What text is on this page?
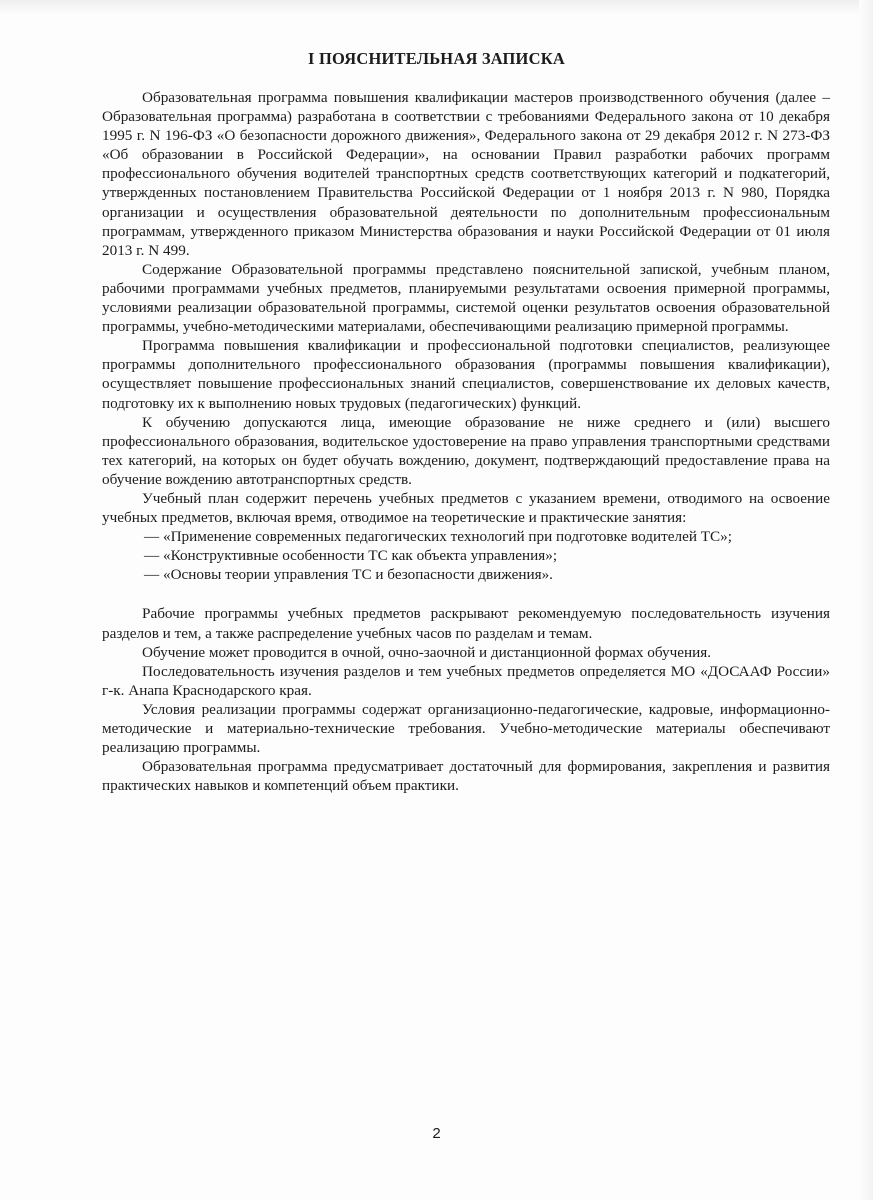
I ПОЯСНИТЕЛЬНАЯ ЗАПИСКА

Образовательная программа повышения квалификации мастеров производственного обучения (далее – Образовательная программа) разработана в соответствии с требованиями Федерального закона от 10 декабря 1995 г. N 196-ФЗ «О безопасности дорожного движения», Федерального закона от 29 декабря 2012 г. N 273-ФЗ «Об образовании в Российской Федерации», на основании Правил разработки рабочих программ профессионального обучения водителей транспортных средств соответствующих категорий и подкатегорий, утвержденных постановлением Правительства Российской Федерации от 1 ноября 2013 г. N 980, Порядка организации и осуществления образовательной деятельности по дополнительным профессиональным программам, утвержденного приказом Министерства образования и науки Российской Федерации от 01 июля 2013 г. N 499.

Содержание Образовательной программы представлено пояснительной запиской, учебным планом, рабочими программами учебных предметов, планируемыми результатами освоения примерной программы, условиями реализации образовательной программы, системой оценки результатов освоения образовательной программы, учебно-методическими материалами, обеспечивающими реализацию примерной программы.

Программа повышения квалификации и профессиональной подготовки специалистов, реализующее программы дополнительного профессионального образования (программы повышения квалификации), осуществляет повышение профессиональных знаний специалистов, совершенствование их деловых качеств, подготовку их к выполнению новых трудовых (педагогических) функций.

К обучению допускаются лица, имеющие образование не ниже среднего и (или) высшего профессионального образования, водительское удостоверение на право управления транспортными средствами тех категорий, на которых он будет обучать вождению, документ, подтверждающий предоставление права на обучение вождению автотранспортных средств.

Учебный план содержит перечень учебных предметов с указанием времени, отводимого на освоение учебных предметов, включая время, отводимое на теоретические и практические занятия:

— «Применение современных педагогических технологий при подготовке водителей ТС»;

— «Конструктивные особенности ТС как объекта управления»;

— «Основы теории управления ТС и безопасности движения».

Рабочие программы учебных предметов раскрывают рекомендуемую последовательность изучения разделов и тем, а также распределение учебных часов по разделам и темам.

Обучение может проводится в очной, очно-заочной и дистанционной формах обучения.

Последовательность изучения разделов и тем учебных предметов определяется МО «ДОСААФ России» г-к. Анапа Краснодарского края.

Условия реализации программы содержат организационно-педагогические, кадровые, информационно-методические и материально-технические требования. Учебно-методические материалы обеспечивают реализацию программы.

Образовательная программа предусматривает достаточный для формирования, закрепления и развития практических навыков и компетенций объем практики.

2
